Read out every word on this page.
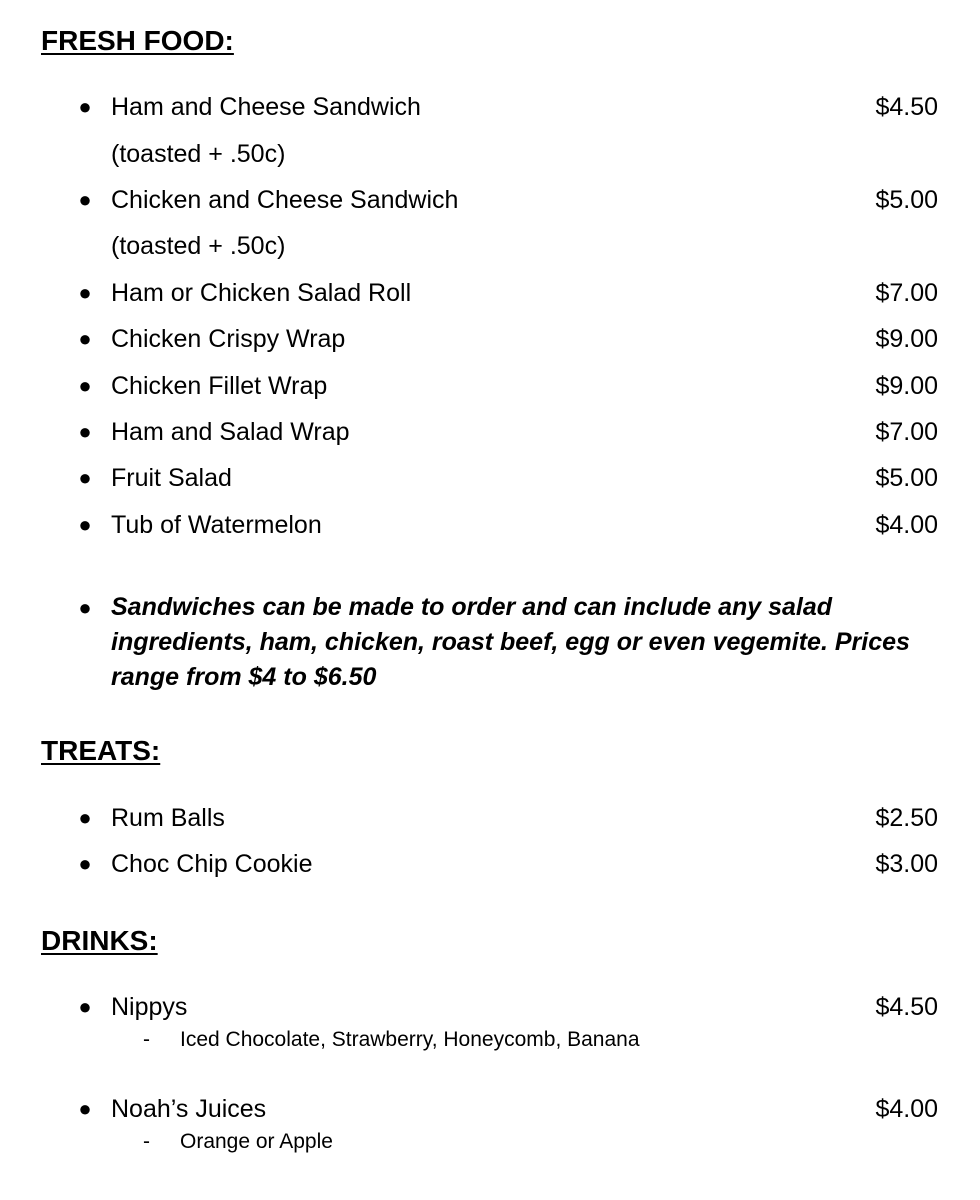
FRESH FOOD:
● Ham and Cheese Sandwich	$4.50
(toasted + .50c)
● Chicken and Cheese Sandwich	$5.00
(toasted + .50c)
● Ham or Chicken Salad Roll	$7.00
● Chicken Crispy Wrap	$9.00
● Chicken Fillet Wrap	$9.00
● Ham and Salad Wrap	$7.00
● Fruit Salad	$5.00
● Tub of Watermelon	$4.00
● Sandwiches can be made to order and can include any salad ingredients, ham, chicken, roast beef, egg or even vegemite. Prices range from $4 to $6.50
TREATS:
● Rum Balls	$2.50
● Choc Chip Cookie	$3.00
DRINKS:
● Nippys	$4.50
- Iced Chocolate, Strawberry, Honeycomb, Banana
● Noah’s Juices	$4.00
- Orange or Apple
